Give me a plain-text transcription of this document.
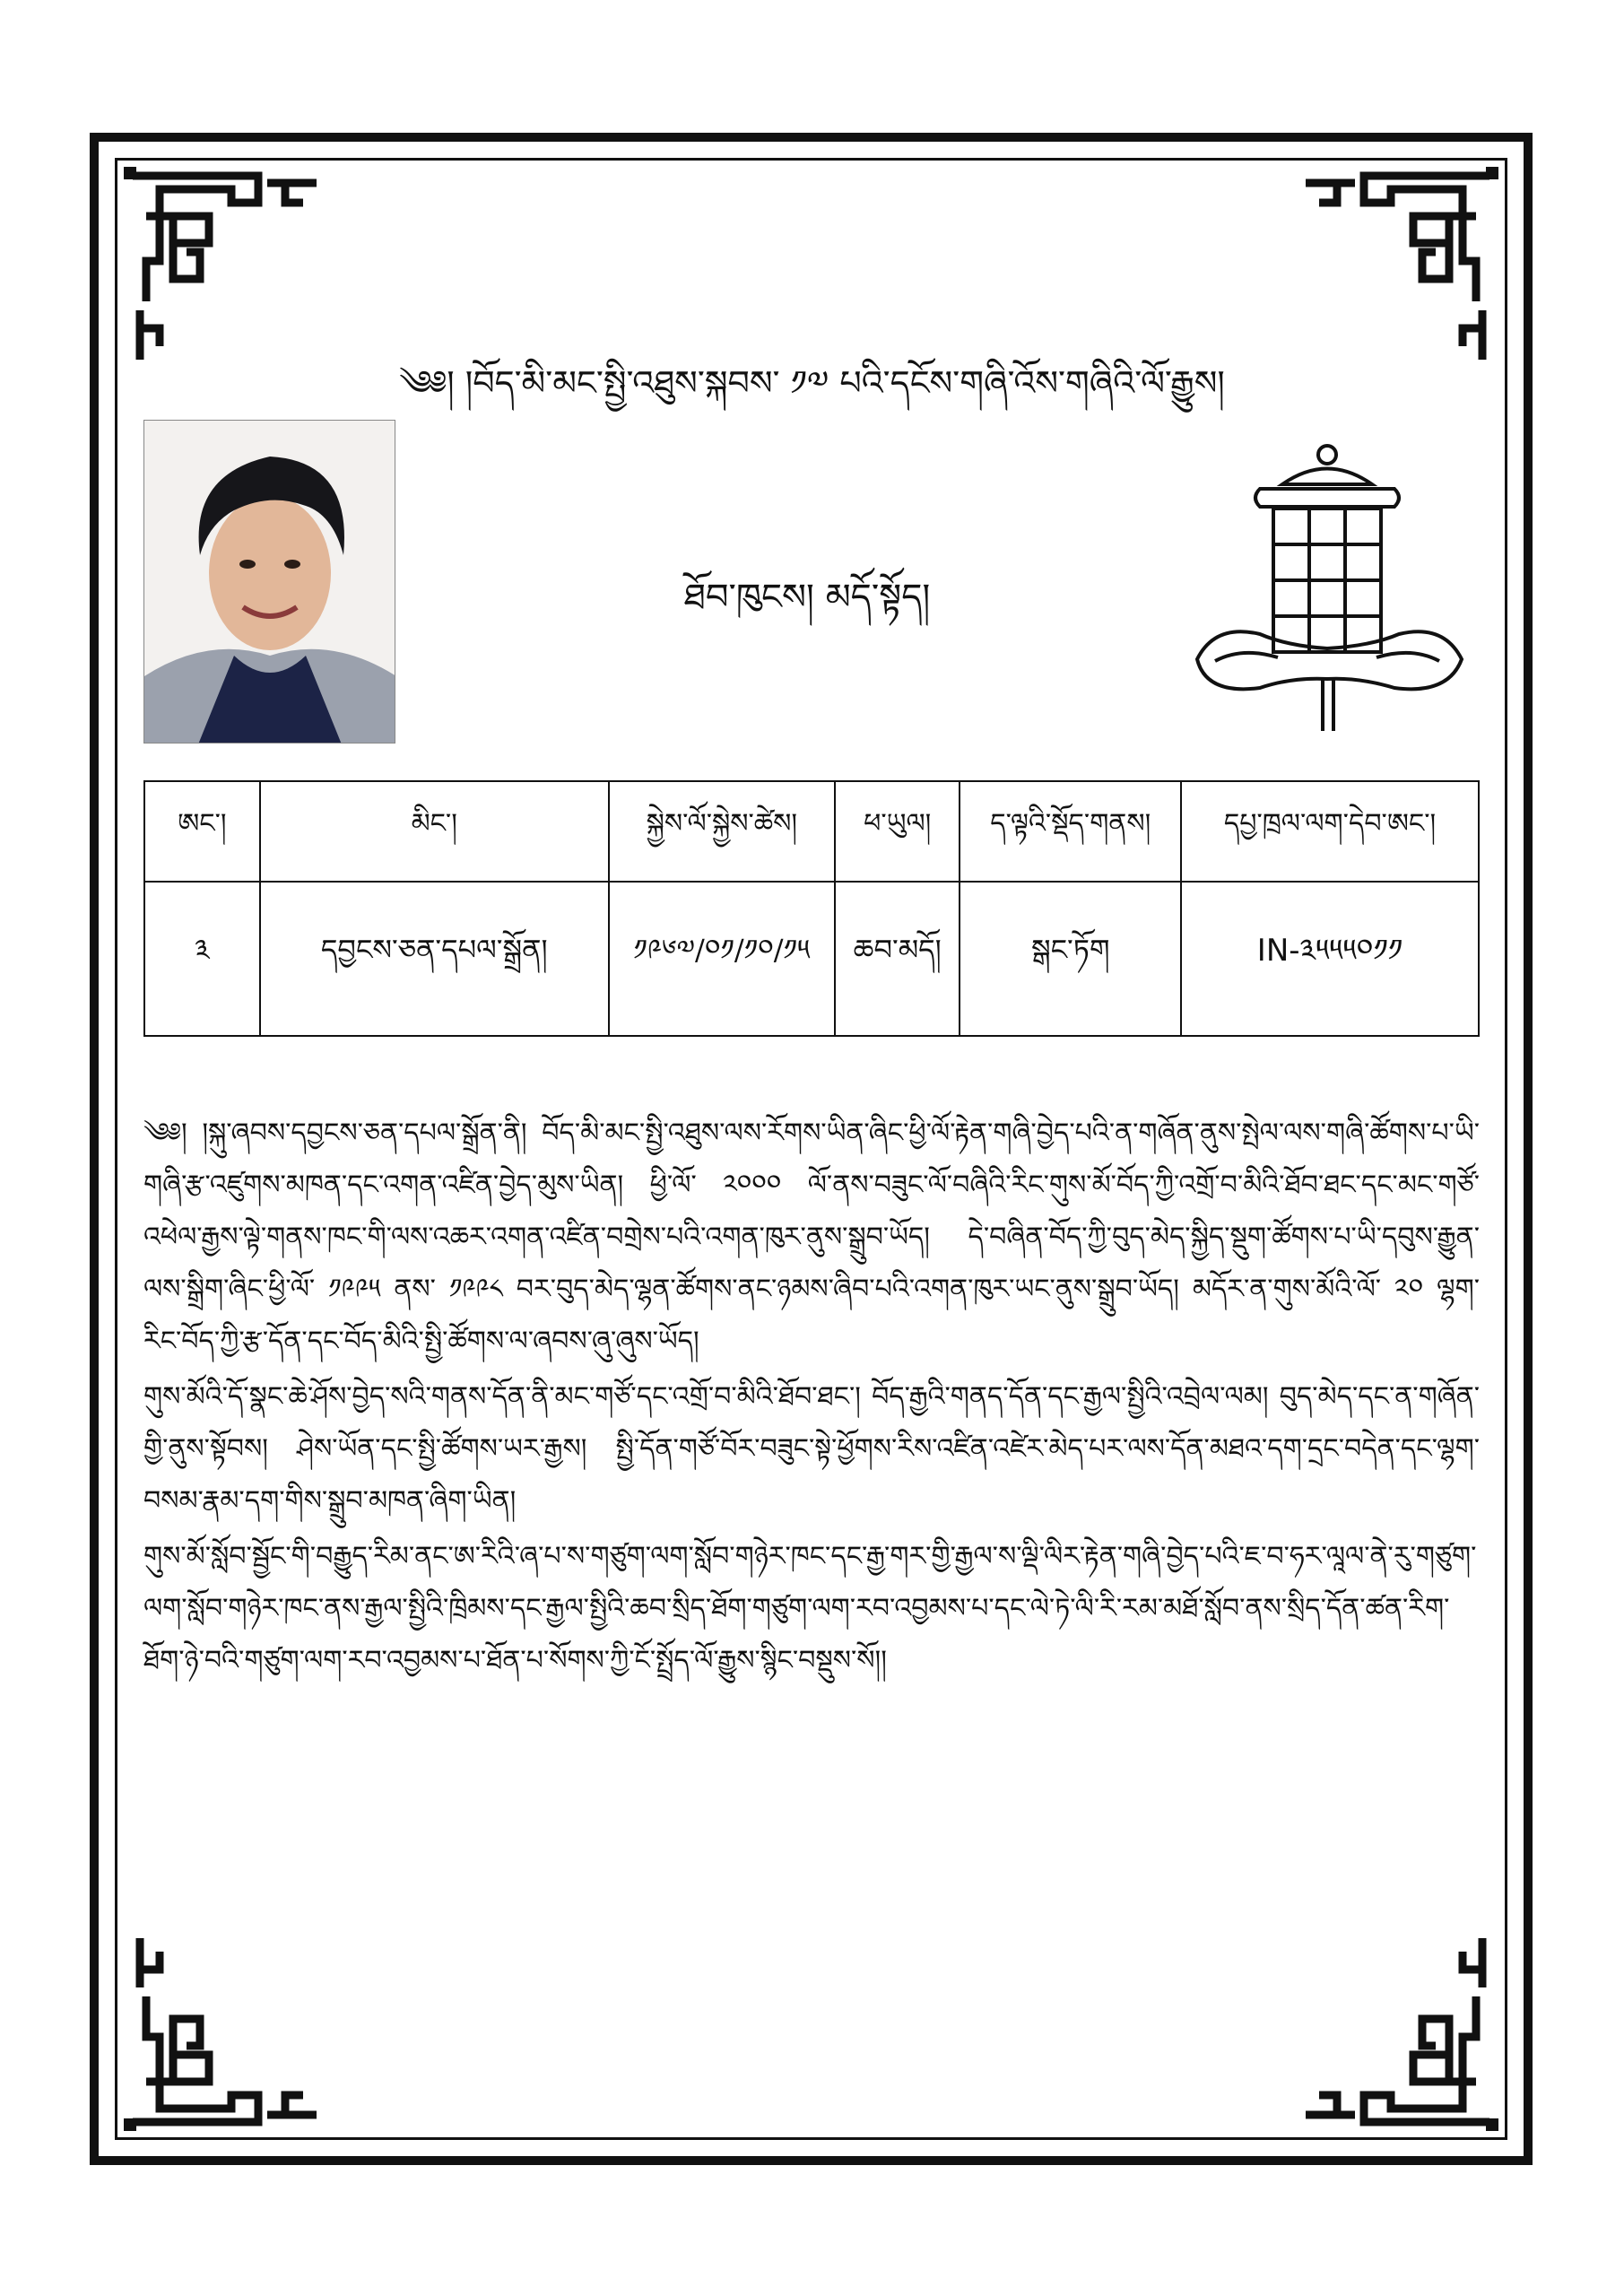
༄༅། །བོད་མི་མང་སྤྱི་འཐུས་སྐབས་ ༡༧ པའི་དངོས་གཞི་འོས་གཞིའི་ལོ་རྒྱུས།
ཐོབ་ཁུངས། མདོ་སྟོད།
ཨང་།	མིང་།	སྐྱེས་ལོ་སྐྱེས་ཚེས།	ཕ་ཡུལ།	ད་ལྟའི་སྡོད་གནས།	དཔྱ་ཁྲལ་ལག་དེབ་ཨང་།
༣	དབྱངས་ཅན་དཔལ་སྒྲོན།	༡༩༦༧/༠༡/༡༠/༡༥	ཆབ་མདོ།	སྒང་ཏོག	IN-༣༥༥༥༠༡༡

༄༅། །སྐུ་ཞབས་དབྱངས་ཅན་དཔལ་སྒྲོན་ནི། བོད་མི་མང་སྤྱི་འཐུས་ལས་རོགས་ཡིན་ཞིང་ཕྱི་ལོ་རྟེན་གཞི་བྱེད་པའི་ན་གཞོན་ནུས་སྤེལ་ལས་གཞི་ཚོགས་པ་ཡི་གཞི་རྩ་འཛུགས་མཁན་དང་འགན་འཛིན་བྱེད་མུས་ཡིན། ཕྱི་ལོ་ ༢༠༠༠ ལོ་ནས་བཟུང་ལོ་བཞིའི་རིང་གུས་མོ་བོད་ཀྱི་འགྲོ་བ་མིའི་ཐོབ་ཐང་དང་མང་གཙོ་འཕེལ་རྒྱས་ལྟེ་གནས་ཁང་གི་ལས་འཆར་འགན་འཛིན་བགྲེས་པའི་འགན་ཁུར་ནུས་སྒྲུབ་ཡོད། དེ་བཞིན་བོད་ཀྱི་བུད་མེད་སྐྱིད་སྡུག་ཚོགས་པ་ཡི་དབུས་རྒྱུན་ལས་སྒྲིག་ཞིང་ཕྱི་ལོ་ ༡༩༩༥ ནས་ ༡༩༩༨ བར་བུད་མེད་ལྷན་ཚོགས་ནང་ཉམས་ཞིབ་པའི་འགན་ཁུར་ཡང་ནུས་སྒྲུབ་ཡོད། མདོར་ན་གུས་མོའི་ལོ་ ༢༠ ལྷག་རིང་བོད་ཀྱི་རྩ་དོན་དང་བོད་མིའི་སྤྱི་ཚོགས་ལ་ཞབས་ཞུ་ཞུས་ཡོད།

གུས་མོའི་དོ་སྣང་ཆེ་ཤོས་བྱེད་སའི་གནས་དོན་ནི་མང་གཙོ་དང་འགྲོ་བ་མིའི་ཐོབ་ཐང་། བོད་རྒྱའི་གནད་དོན་དང་རྒྱལ་སྤྱིའི་འབྲེལ་ལམ། བུད་མེད་དང་ན་གཞོན་གྱི་ནུས་སྟོབས། ཤེས་ཡོན་དང་སྤྱི་ཚོགས་ཡར་རྒྱས། སྤྱི་དོན་གཙོ་བོར་བཟུང་སྟེ་ཕྱོགས་རིས་འཛིན་འཛེར་མེད་པར་ལས་དོན་མཐའ་དག་དྲང་བདེན་དང་ལྷག་བསམ་རྣམ་དག་གིས་སྒྲུབ་མཁན་ཞིག་ཡིན།

གུས་མོ་སློབ་སྦྱོང་གི་བརྒྱུད་རིམ་ནང་ཨ་རིའི་ཞ་པ་ས་གཙུག་ལག་སློབ་གཉེར་ཁང་དང་རྒྱ་གར་གྱི་རྒྱལ་ས་ལྡི་ལིར་རྟེན་གཞི་བྱེད་པའི་ཇ་བ་ཧར་ལཱལ་ནེ་རུ་གཙུག་ལག་སློབ་གཉེར་ཁང་ནས་རྒྱལ་སྤྱིའི་ཁྲིམས་དང་རྒྱལ་སྤྱིའི་ཆབ་སྲིད་ཐོག་གཙུག་ལག་རབ་འབྱམས་པ་དང་ལེ་ཏེ་ལི་རི་རམ་མཐོ་སློབ་ནས་སྲིད་དོན་ཚན་རིག་ཐོག་ཉེ་བའི་གཙུག་ལག་རབ་འབྱམས་པ་ཐོན་པ་སོགས་ཀྱི་ངོ་སྤྲོད་ལོ་རྒྱུས་སྙིང་བསྡུས་སོ།།
